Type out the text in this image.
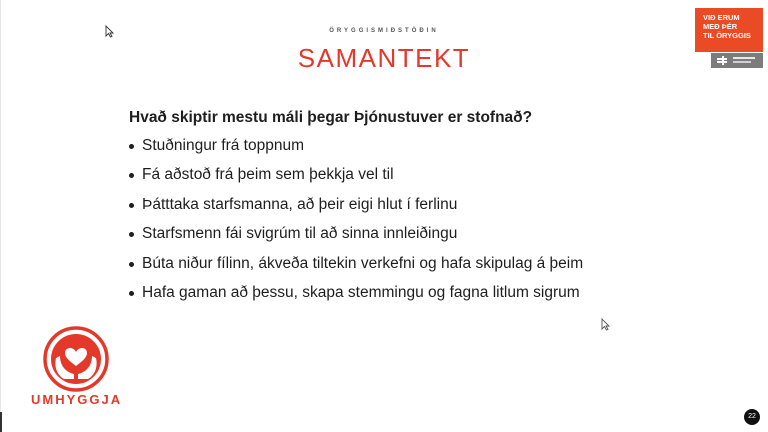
ÖRYGGISMIÐSTÖÐIN
SAMANTEKT
VIÐ ERUM
MEÐ ÞÉR
TIL ÖRYGGIS
Hvað skiptir mestu máli þegar Þjónustuver er stofnað?
Stuðningur frá toppnum
Fá aðstoð frá þeim sem þekkja vel til
Þátttaka starfsmanna, að þeir eigi hlut í ferlinu
Starfsmenn fái svigrúm til að sinna innleiðingu
Búta niður fílinn, ákveða tiltekin verkefni og hafa skipulag á þeim
Hafa gaman að þessu, skapa stemmingu og fagna litlum sigrum
UMHYGGJA
22
